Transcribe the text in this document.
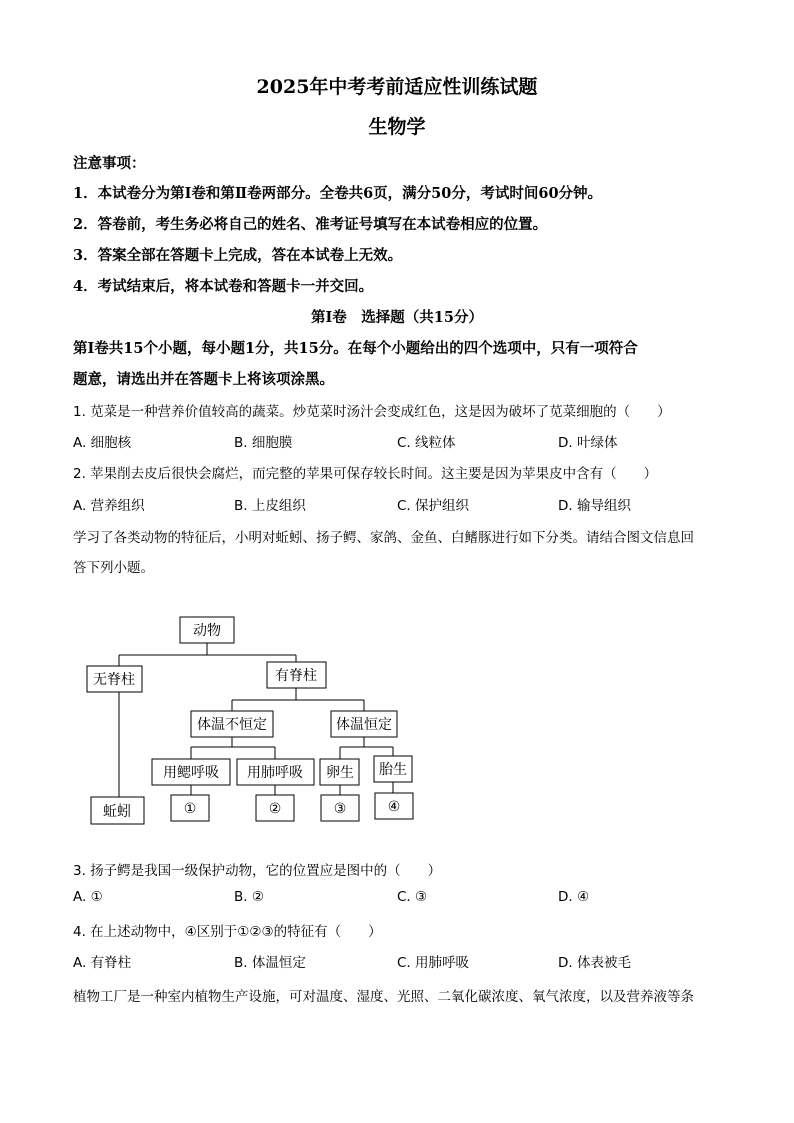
2025年中考考前适应性训练试题
生物学
注意事项：
1．本试卷分为第Ⅰ卷和第Ⅱ卷两部分。全卷共6页，满分50分，考试时间60分钟。
2．答卷前，考生务必将自己的姓名、准考证号填写在本试卷相应的位置。
3．答案全部在答题卡上完成，答在本试卷上无效。
4．考试结束后，将本试卷和答题卡一并交回。
第Ⅰ卷　选择题（共15分）
第Ⅰ卷共15个小题，每小题1分，共15分。在每个小题给出的四个选项中，只有一项符合
题意，请选出并在答题卡上将该项涂黑。
1. 苋菜是一种营养价值较高的蔬菜。炒苋菜时汤汁会变成红色，这是因为破坏了苋菜细胞的（　　）
A. 细胞核	B. 细胞膜	C. 线粒体	D. 叶绿体
2. 苹果削去皮后很快会腐烂，而完整的苹果可保存较长时间。这主要是因为苹果皮中含有（　　）
A. 营养组织	B. 上皮组织	C. 保护组织	D. 输导组织
学习了各类动物的特征后，小明对蚯蚓、扬子鳄、家鸽、金鱼、白鳍豚进行如下分类。请结合图文信息回
答下列小题。
动物
无脊柱	有脊柱
体温不恒定	体温恒定
用鳃呼吸 用肺呼吸 卵生 胎生
蚯蚓	①	②	③	④
3. 扬子鳄是我国一级保护动物，它的位置应是图中的（　　）
A. ①	B. ②	C. ③	D. ④
4. 在上述动物中，④区别于①②③的特征有（　　）
A. 有脊柱	B. 体温恒定	C. 用肺呼吸	D. 体表被毛
植物工厂是一种室内植物生产设施，可对温度、湿度、光照、二氧化碳浓度、氧气浓度，以及营养液等条
